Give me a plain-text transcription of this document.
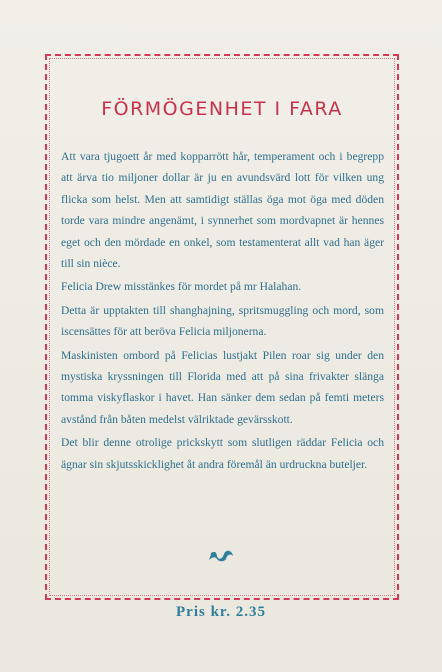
FÖRMÖGENHET I FARA

Att vara tjugoett år med kopparrött hår, temperament och i begrepp att ärva tio miljoner dollar är ju en avundsvärd lott för vilken ung flicka som helst. Men att samtidigt ställas öga mot öga med döden torde vara mindre angenämt, i synnerhet som mordvapnet är hennes eget och den mördade en onkel, som testamenterat allt vad han äger till sin nièce.

Felicia Drew misstänkes för mordet på mr Halahan.

Detta är upptakten till shanghajning, spritsmuggling och mord, som iscensättes för att beröva Felicia miljonerna.

Maskinisten ombord på Felicias lustjakt Pilen roar sig under den mystiska kryssningen till Florida med att på sina frivakter slänga tomma viskyflaskor i havet. Han sänker dem sedan på femti meters avstånd från båten medelst välriktade gevärsskott.

Det blir denne otrolige prickskytt som slutligen räddar Felicia och ägnar sin skjutsskicklighet åt andra föremål än urdruckna buteljer.

Pris kr. 2.35
